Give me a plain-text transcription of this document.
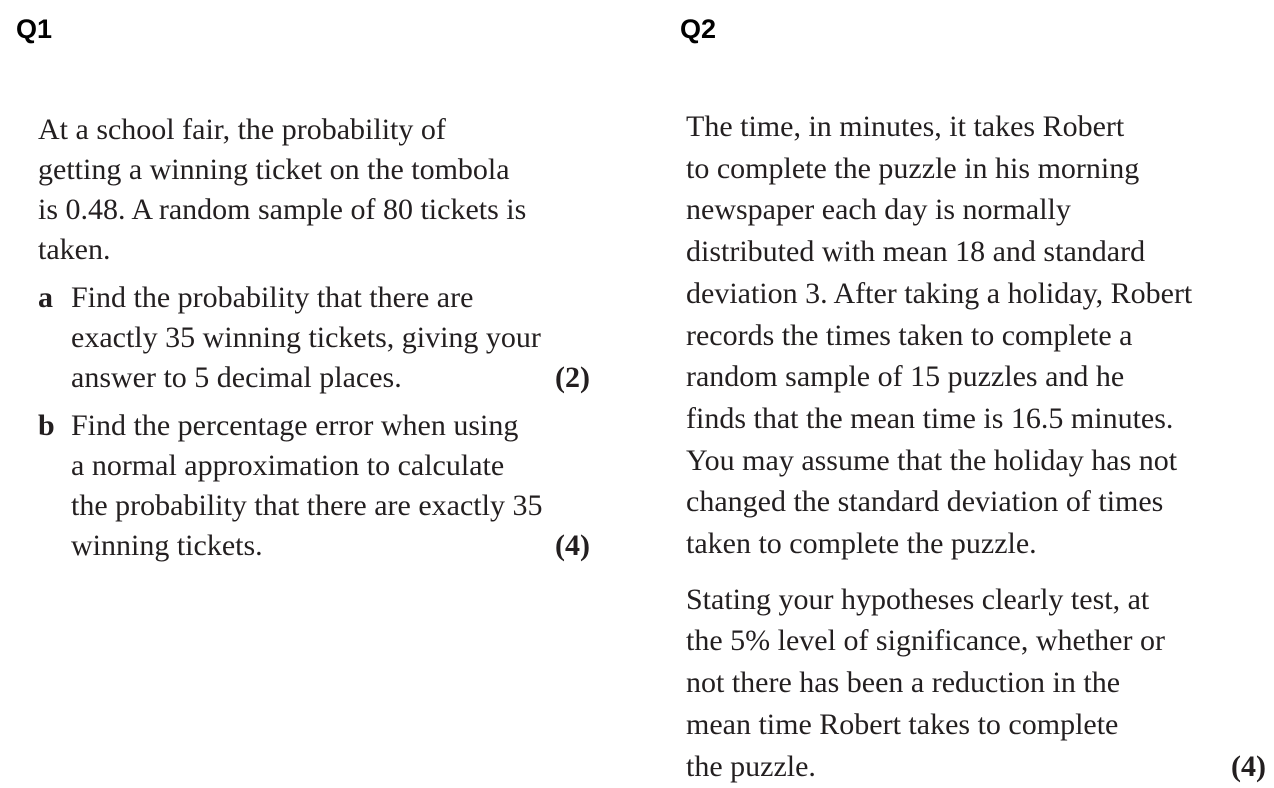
Q1	Q2

At a school fair, the probability of
getting a winning ticket on the tombola
is 0.48. A random sample of 80 tickets is
taken.

a Find the probability that there are
exactly 35 winning tickets, giving your
answer to 5 decimal places.	(2)
b Find the percentage error when using
a normal approximation to calculate
the probability that there are exactly 35
winning tickets.	(4)
The time, in minutes, it takes Robert
to complete the puzzle in his morning
newspaper each day is normally
distributed with mean 18 and standard
deviation 3. After taking a holiday, Robert
records the times taken to complete a
random sample of 15 puzzles and he
finds that the mean time is 16.5 minutes.
You may assume that the holiday has not
changed the standard deviation of times
taken to complete the puzzle.
Stating your hypotheses clearly test, at
the 5% level of significance, whether or
not there has been a reduction in the
mean time Robert takes to complete
the puzzle.	(4)
